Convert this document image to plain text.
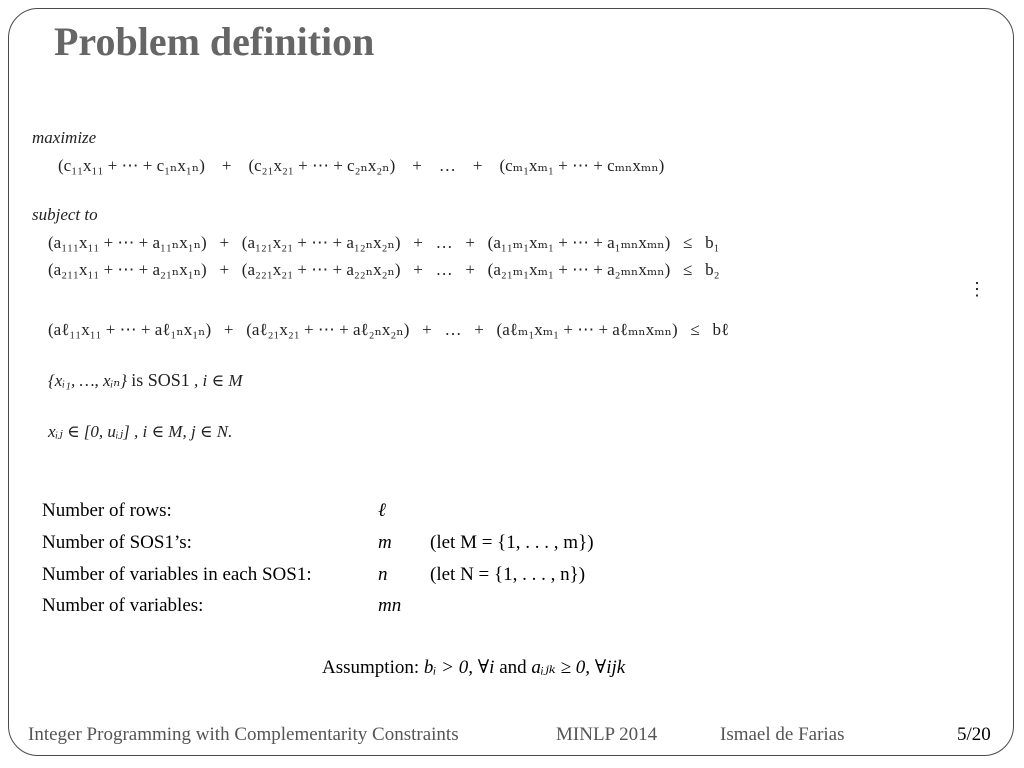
Problem definition
maximize
(c₁₁x₁₁ + ⋯ + c₁ₙx₁ₙ)    +    (c₂₁x₂₁ + ⋯ + c₂ₙx₂ₙ)    +    …    +    (cₘ₁xₘ₁ + ⋯ + cₘₙxₘₙ)
subject to
(a₁₁₁x₁₁ + ⋯ + a₁₁ₙx₁ₙ)   +   (a₁₂₁x₂₁ + ⋯ + a₁₂ₙx₂ₙ)   +   …   +   (a₁₁ₘ₁xₘ₁ + ⋯ + a₁ₘₙxₘₙ)   ≤   b₁
(a₂₁₁x₁₁ + ⋯ + a₂₁ₙx₁ₙ)   +   (a₂₂₁x₂₁ + ⋯ + a₂₂ₙx₂ₙ)   +   …   +   (a₂₁ₘ₁xₘ₁ + ⋯ + a₂ₘₙxₘₙ)   ≤   b₂
⋮
(aℓ₁₁x₁₁ + ⋯ + aℓ₁ₙx₁ₙ)   +   (aℓ₂₁x₂₁ + ⋯ + aℓ₂ₙx₂ₙ)   +   …   +   (aℓₘ₁xₘ₁ + ⋯ + aℓₘₙxₘₙ)   ≤   bℓ
{xᵢ₁, …, xᵢₙ} is SOS1 , i ∈ M
xᵢⱼ ∈ [0, uᵢⱼ] , i ∈ M, j ∈ N.
Number of rows:	ℓ
Number of SOS1’s:	m (let M = {1, . . . , m})
Number of variables in each SOS1:	n (let N = {1, . . . , n})
Number of variables:	mn
Assumption: bᵢ > 0, ∀i and aᵢⱼₖ ≥ 0, ∀ijk
Integer Programming with Complementarity Constraints	MINLP 2014	Ismael de Farias	5/20
